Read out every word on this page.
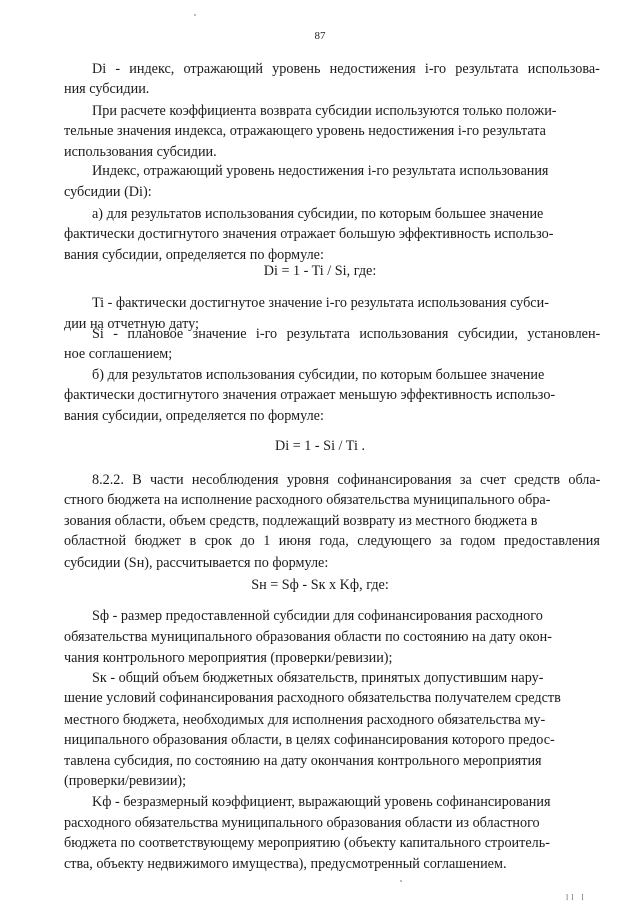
87
Di - индекс, отражающий уровень недостижения i-го результата использова-
ния субсидии.
При расчете коэффициента возврата субсидии используются только положи-
тельные значения индекса, отражающего уровень недостижения i-го результата
использования субсидии.
Индекс, отражающий уровень недостижения i-го результата использования
субсидии (Di):
а) для результатов использования субсидии, по которым большее значение
фактически достигнутого значения отражает большую эффективность использо-
вания субсидии, определяется по формуле:
Di = 1 - Ti / Si, где:
Ti - фактически достигнутое значение i-го результата использования субси-
дии на отчетную дату;
Si - плановое значение i-го результата использования субсидии, установлен-
ное соглашением;
б) для результатов использования субсидии, по которым большее значение
фактически достигнутого значения отражает меньшую эффективность использо-
вания субсидии, определяется по формуле:
Di = 1 - Si / Ti .
8.2.2. В части несоблюдения уровня софинансирования за счет средств обла-
стного бюджета на исполнение расходного обязательства муниципального обра-
зования области, объем средств, подлежащий возврату из местного бюджета в
областной бюджет в срок до 1 июня года, следующего за годом предоставления
субсидии (Sн), рассчитывается по формуле:
Sн = Sф - Sк х Kф, где:
Sф - размер предоставленной субсидии для софинансирования расходного
обязательства муниципального образования области по состоянию на дату окон-
чания контрольного мероприятия (проверки/ревизии);
Sк - общий объем бюджетных обязательств, принятых допустившим нару-
шение условий софинансирования расходного обязательства получателем средств
местного бюджета, необходимых для исполнения расходного обязательства му-
ниципального образования области, в целях софинансирования которого предос-
тавлена субсидия, по состоянию на дату окончания контрольного мероприятия
(проверки/ревизии);
Kф - безразмерный коэффициент, выражающий уровень софинансирования
расходного обязательства муниципального образования области из областного
бюджета по соответствующему мероприятию (объекту капитального строитель-
ства, объекту недвижимого имущества), предусмотренный соглашением.
ll l
